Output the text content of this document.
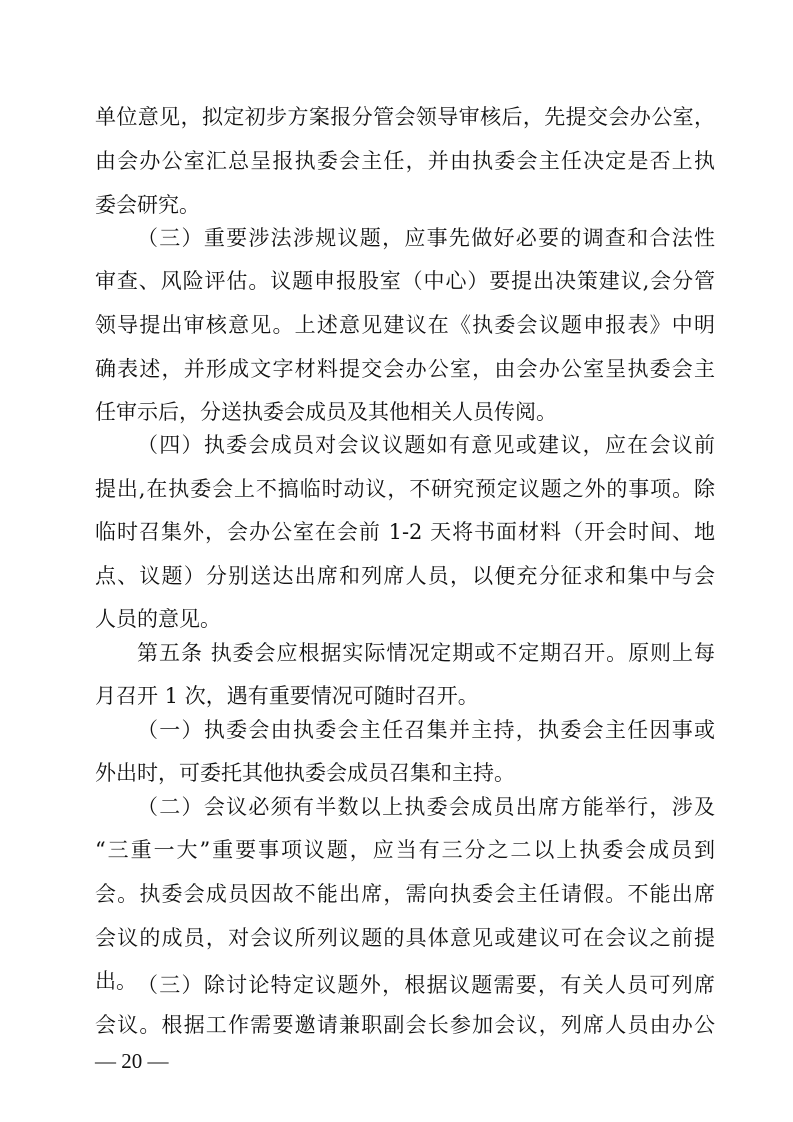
单位意见，拟定初步方案报分管会领导审核后，先提交会办公室，
由会办公室汇总呈报执委会主任，并由执委会主任决定是否上执
委会研究。
（三）重要涉法涉规议题，应事先做好必要的调查和合法性
审查、风险评估。议题申报股室（中心）要提出决策建议,会分管
领导提出审核意见。上述意见建议在《执委会议题申报表》中明
确表述，并形成文字材料提交会办公室，由会办公室呈执委会主
任审示后，分送执委会成员及其他相关人员传阅。
（四）执委会成员对会议议题如有意见或建议，应在会议前
提出,在执委会上不搞临时动议，不研究预定议题之外的事项。除
临时召集外，会办公室在会前 1-2 天将书面材料（开会时间、地
点、议题）分别送达出席和列席人员，以便充分征求和集中与会
人员的意见。
第五条 执委会应根据实际情况定期或不定期召开。原则上每
月召开 1 次，遇有重要情况可随时召开。
（一）执委会由执委会主任召集并主持，执委会主任因事或
外出时，可委托其他执委会成员召集和主持。
（二）会议必须有半数以上执委会成员出席方能举行，涉及
“三重一大”重要事项议题，应当有三分之二以上执委会成员到
会。执委会成员因故不能出席，需向执委会主任请假。不能出席
会议的成员，对会议所列议题的具体意见或建议可在会议之前提
出。 （三）除讨论特定议题外，根据议题需要，有关人员可列席
会议。根据工作需要邀请兼职副会长参加会议，列席人员由办公
— 20 —
